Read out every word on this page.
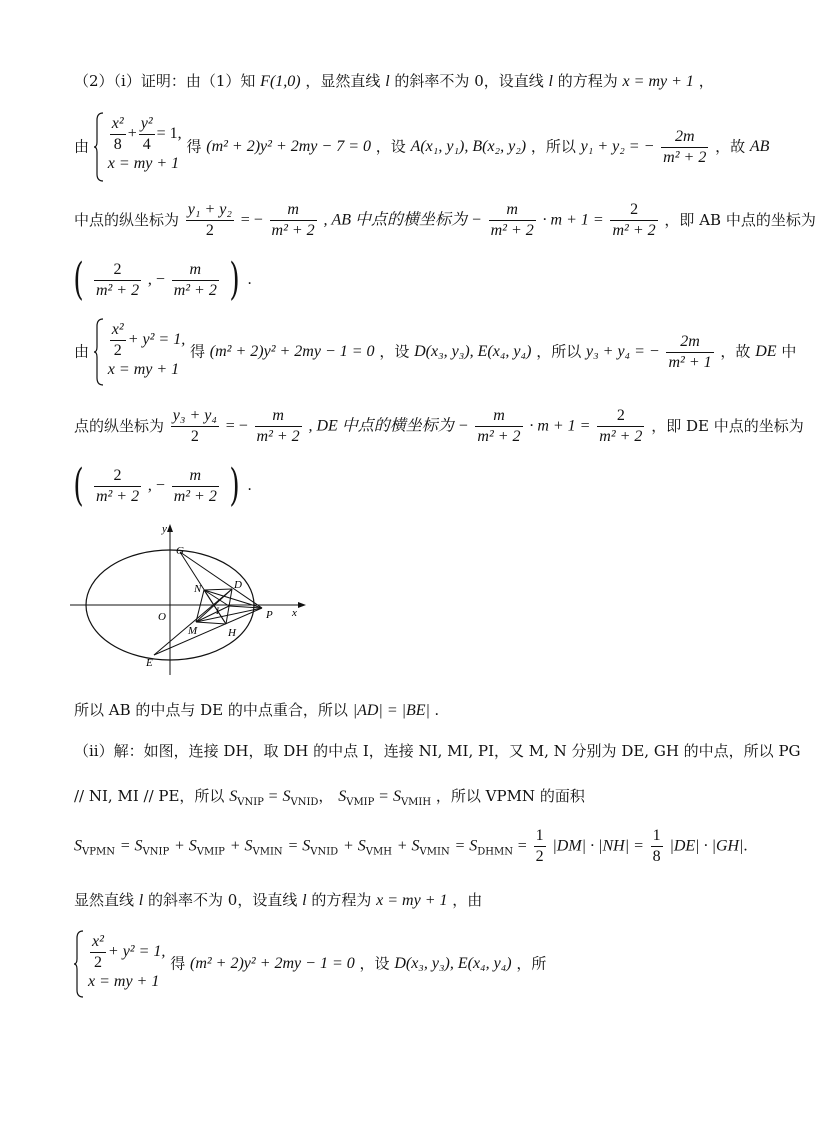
（2）（i）证明：由（1）知 F(1,0) ，显然直线 l 的斜率不为 0，设直线 l 的方程为 x = my + 1 ，
由 $\frac{\text{x²}}{8} + \frac{\text{y²}}{4} = 1$,
x = my + 1
得 (m² + 2)y² + 2my − 7 = 0 ，设 A(x₁, y₁), B(x₂, y₂) ，所以 y₁ + y₂ = − $\frac{2m}{\text{m² + 2}}$ ，故 AB
中点的纵坐标为 $\frac{\text{y₁ + y₂}}{2}$ = − $\frac{m}{\text{m² + 2}}$ , AB 中点的横坐标为 − $\frac{m}{\text{m² + 2}} \cdot m + 1 = \frac{2}{\text{m² + 2}}$ ，即 AB 中点的坐标为
( $\frac{2}{\text{m² + 2}}$ , − $\frac{m}{\text{m² + 2}}$ ) .
由 $\frac{\text{x²}}{2} + y^2 = 1$,
x = my + 1
得 (m² + 2)y² + 2my − 1 = 0 ，设 D(x₃, y₃), E(x₄, y₄) ，所以 y₃ + y₄ = − $\frac{2m}{\text{m² + 1}}$ ，故 DE 中
点的纵坐标为 $\frac{\text{y₃ + y₄}}{2}$ = − $\frac{m}{\text{m² + 2}}$ , DE 中点的横坐标为 − $\frac{m}{\text{m² + 2}} \cdot m + 1 = \frac{2}{\text{m² + 2}}$ ，即 DE 中点的坐标为
( $\frac{2}{\text{m² + 2}}$ , − $\frac{m}{\text{m² + 2}}$ ) .
y
x
O
G
D
N
I	P
M	H
E
所以 AB 的中点与 DE 的中点重合，所以 |AD| = |BE| .
（ii）解：如图，连接 DH，取 DH 的中点 I，连接 NI, MI, PI，又 M, N 分别为 DE, GH 的中点，所以 PG
// NI, MI // PE，所以 $S_{VNIP} = S_{VNID}$， $S_{VMIP} = S_{VMIH}$ ，所以 VPMN 的面积
$S_{VPMN} = S_{VNIP} + S_{VMIP} + S_{VMIN} = S_{VNID} + S_{VMH} + S_{VMIN} = S_{DHMN} = \frac{1}{2} |DM| \cdot |NH| = \frac{1}{8} |DE| \cdot |GH|$.
显然直线 l 的斜率不为 0，设直线 l 的方程为 x = my + 1 ，由
$\frac{\text{x²}}{2} + y^2 = 1$,
x = my + 1
得 (m² + 2)y² + 2my − 1 = 0 ，设 D(x₃, y₃), E(x₄, y₄) ，所
